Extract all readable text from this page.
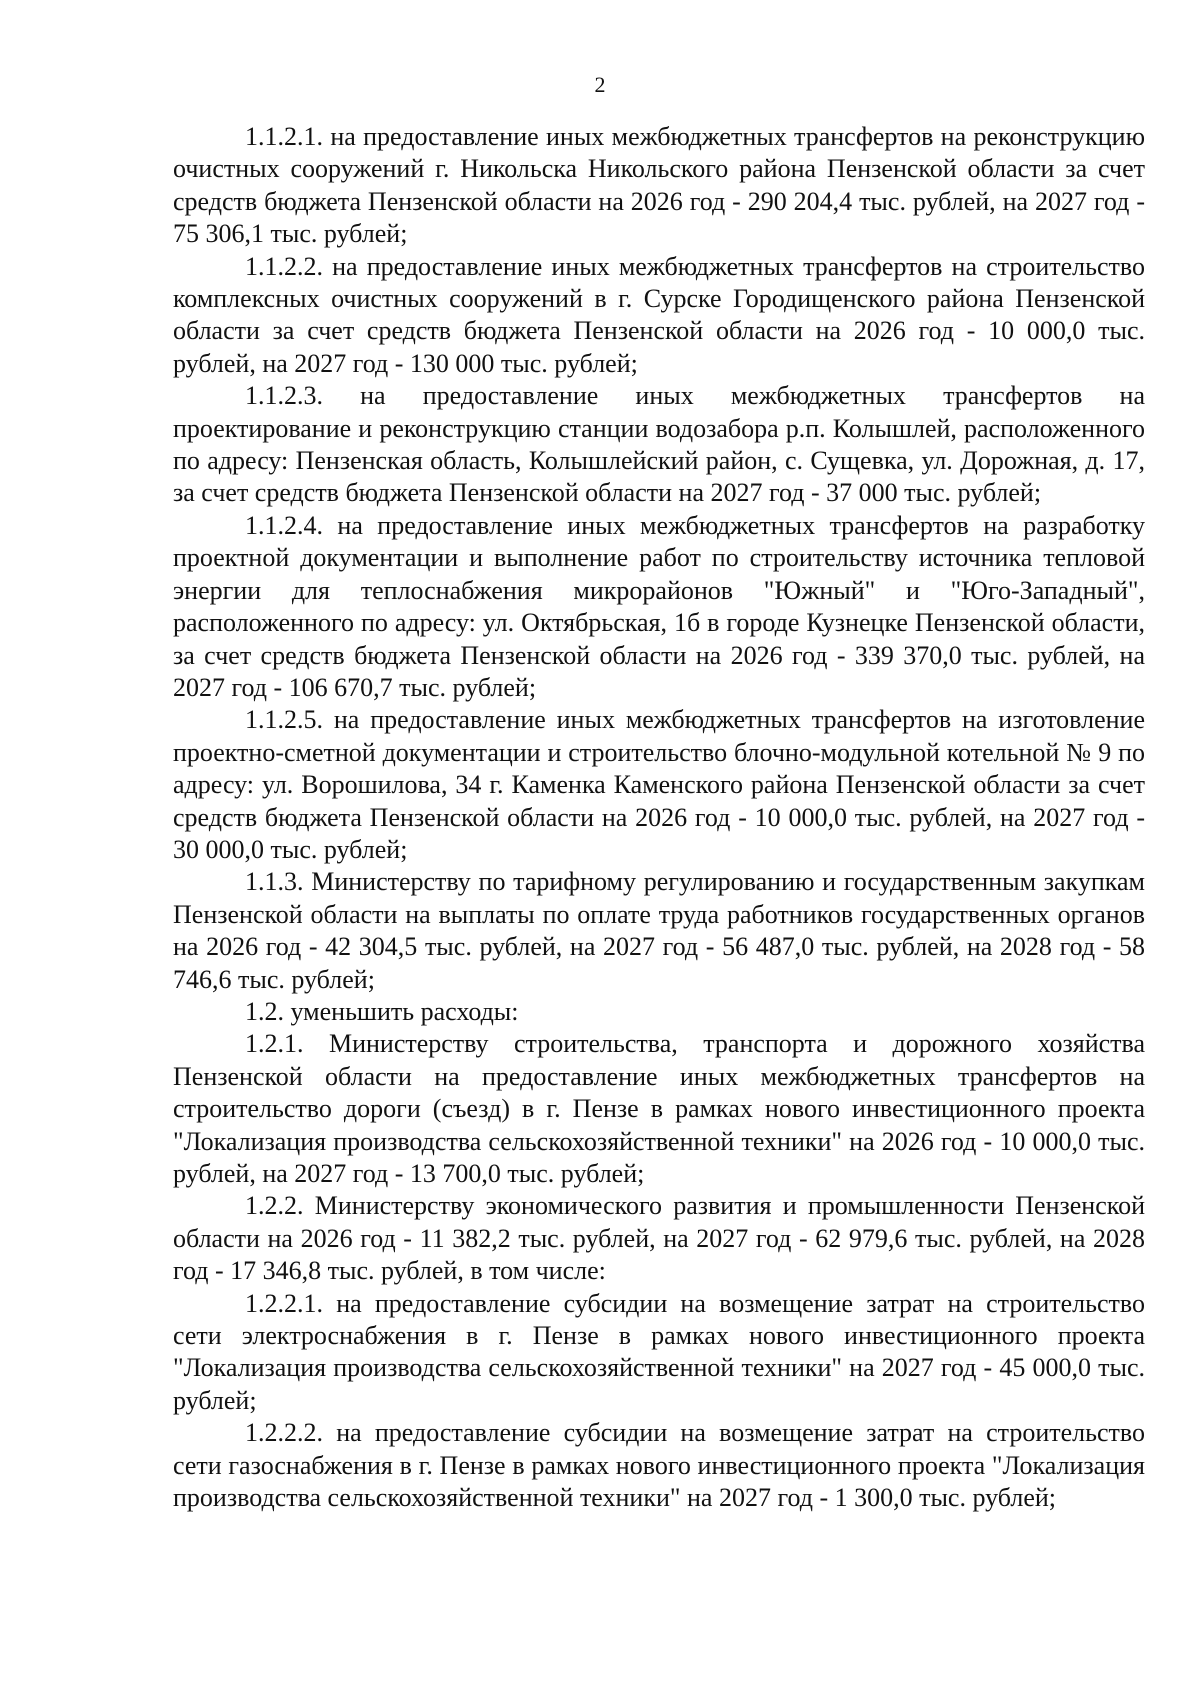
2

1.1.2.1. на предоставление иных межбюджетных трансфертов на реконструкцию очистных сооружений г. Никольска Никольского района Пензенской области за счет средств бюджета Пензенской области на 2026 год - 290 204,4 тыс. рублей, на 2027 год - 75 306,1 тыс. рублей;

1.1.2.2. на предоставление иных межбюджетных трансфертов на строительство комплексных очистных сооружений в г. Сурске Городищенского района Пензенской области за счет средств бюджета Пензенской области на 2026 год - 10 000,0 тыс. рублей, на 2027 год - 130 000 тыс. рублей;

1.1.2.3. на предоставление иных межбюджетных трансфертов на проектирование и реконструкцию станции водозабора р.п. Колышлей, расположенного по адресу: Пензенская область, Колышлейский район, с. Сущевка, ул. Дорожная, д. 17, за счет средств бюджета Пензенской области на 2027 год - 37 000 тыс. рублей;

1.1.2.4. на предоставление иных межбюджетных трансфертов на разработку проектной документации и выполнение работ по строительству источника тепловой энергии для теплоснабжения микрорайонов "Южный" и "Юго-Западный", расположенного по адресу: ул. Октябрьская, 1б в городе Кузнецке Пензенской области, за счет средств бюджета Пензенской области на 2026 год - 339 370,0 тыс. рублей, на 2027 год - 106 670,7 тыс. рублей;

1.1.2.5. на предоставление иных межбюджетных трансфертов на изготовление проектно-сметной документации и строительство блочно-модульной котельной № 9 по адресу: ул. Ворошилова, 34 г. Каменка Каменского района Пензенской области за счет средств бюджета Пензенской области на 2026 год - 10 000,0 тыс. рублей, на 2027 год - 30 000,0 тыс. рублей;

1.1.3. Министерству по тарифному регулированию и государственным закупкам Пензенской области на выплаты по оплате труда работников государственных органов на 2026 год - 42 304,5 тыс. рублей, на 2027 год - 56 487,0 тыс. рублей, на 2028 год - 58 746,6 тыс. рублей;

1.2. уменьшить расходы:

1.2.1. Министерству строительства, транспорта и дорожного хозяйства Пензенской области на предоставление иных межбюджетных трансфертов на строительство дороги (съезд) в г. Пензе в рамках нового инвестиционного проекта "Локализация производства сельскохозяйственной техники" на 2026 год - 10 000,0 тыс. рублей, на 2027 год - 13 700,0 тыс. рублей;

1.2.2. Министерству экономического развития и промышленности Пензенской области на 2026 год - 11 382,2 тыс. рублей, на 2027 год - 62 979,6 тыс. рублей, на 2028 год - 17 346,8 тыс. рублей, в том числе:

1.2.2.1. на предоставление субсидии на возмещение затрат на строительство сети электроснабжения в г. Пензе в рамках нового инвестиционного проекта "Локализация производства сельскохозяйственной техники" на 2027 год - 45 000,0 тыс. рублей;

1.2.2.2. на предоставление субсидии на возмещение затрат на строительство сети газоснабжения в г. Пензе в рамках нового инвестиционного проекта "Локализация производства сельскохозяйственной техники" на 2027 год - 1 300,0 тыс. рублей;
